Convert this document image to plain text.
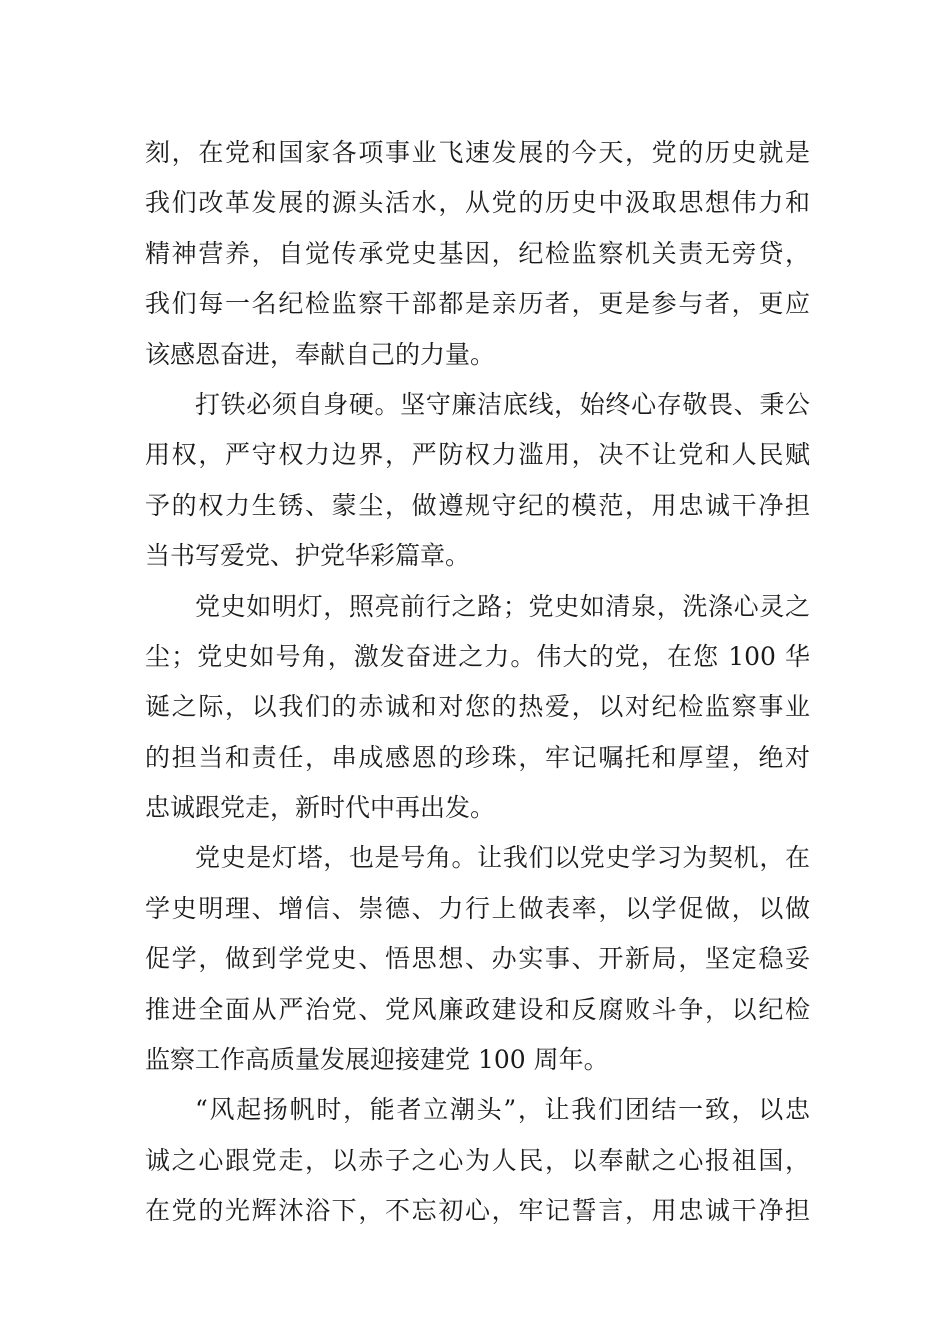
刻，在党和国家各项事业飞速发展的今天，党的历史就是
我们改革发展的源头活水，从党的历史中汲取思想伟力和
精神营养，自觉传承党史基因，纪检监察机关责无旁贷，
我们每一名纪检监察干部都是亲历者，更是参与者，更应
该感恩奋进，奉献自己的力量。
打铁必须自身硬。坚守廉洁底线，始终心存敬畏、秉公
用权，严守权力边界，严防权力滥用，决不让党和人民赋
予的权力生锈、蒙尘，做遵规守纪的模范，用忠诚干净担
当书写爱党、护党华彩篇章。
党史如明灯，照亮前行之路；党史如清泉，洗涤心灵之
尘；党史如号角，激发奋进之力。伟大的党，在您 100 华
诞之际，以我们的赤诚和对您的热爱，以对纪检监察事业
的担当和责任，串成感恩的珍珠，牢记嘱托和厚望，绝对
忠诚跟党走，新时代中再出发。
党史是灯塔，也是号角。让我们以党史学习为契机，在
学史明理、增信、崇德、力行上做表率，以学促做，以做
促学，做到学党史、悟思想、办实事、开新局，坚定稳妥
推进全面从严治党、党风廉政建设和反腐败斗争，以纪检
监察工作高质量发展迎接建党 100 周年。
“风起扬帆时，能者立潮头”，让我们团结一致，以忠
诚之心跟党走，以赤子之心为人民，以奉献之心报祖国，
在党的光辉沐浴下，不忘初心，牢记誓言，用忠诚干净担
